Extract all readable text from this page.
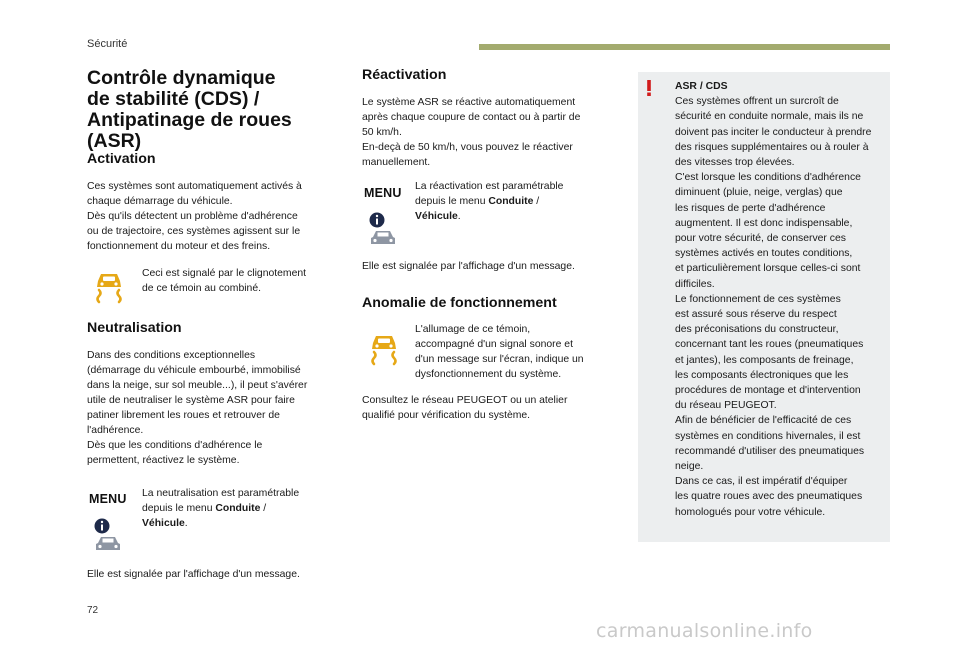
Sécurité
Contrôle dynamique
de stabilité (CDS) /
Antipatinage de roues
(ASR)
Activation

Ces systèmes sont automatiquement activés à

chaque démarrage du véhicule.

Dès qu'ils détectent un problème d'adhérence

ou de trajectoire, ces systèmes agissent sur le

fonctionnement du moteur et des freins.

Ceci est signalé par le clignotement

de ce témoin au combiné.

Neutralisation

Dans des conditions exceptionnelles

(démarrage du véhicule embourbé, immobilisé

dans la neige, sur sol meuble...), il peut s'avérer

utile de neutraliser le système ASR pour faire

patiner librement les roues et retrouver de

l'adhérence.

Dès que les conditions d'adhérence le

permettent, réactivez le système.

MENU La neutralisation est paramétrable

depuis le menu Conduite /

Véhicule.

Elle est signalée par l'affichage d'un message.

Réactivation

Le système ASR se réactive automatiquement

après chaque coupure de contact ou à partir de

50 km/h.

En-deçà de 50 km/h, vous pouvez le réactiver

manuellement.

MENU La réactivation est paramétrable

depuis le menu Conduite /

Véhicule.

Elle est signalée par l'affichage d'un message.

Anomalie de fonctionnement

L'allumage de ce témoin,

accompagné d'un signal sonore et

d'un message sur l'écran, indique un

dysfonctionnement du système.

Consultez le réseau PEUGEOT ou un atelier

qualifié pour vérification du système.

ASR / CDS

Ces systèmes offrent un surcroît de

sécurité en conduite normale, mais ils ne

doivent pas inciter le conducteur à prendre

des risques supplémentaires ou à rouler à

des vitesses trop élevées.

C'est lorsque les conditions d'adhérence

diminuent (pluie, neige, verglas) que

les risques de perte d'adhérence

augmentent. Il est donc indispensable,

pour votre sécurité, de conserver ces

systèmes activés en toutes conditions,

et particulièrement lorsque celles-ci sont

difficiles.

Le fonctionnement de ces systèmes

est assuré sous réserve du respect

des préconisations du constructeur,

concernant tant les roues (pneumatiques

et jantes), les composants de freinage,

les composants électroniques que les

procédures de montage et d'intervention

du réseau PEUGEOT.

Afin de bénéficier de l'efficacité de ces

systèmes en conditions hivernales, il est

recommandé d'utiliser des pneumatiques

neige.

Dans ce cas, il est impératif d'équiper

les quatre roues avec des pneumatiques

homologués pour votre véhicule.

72
carmanualsonline.info
